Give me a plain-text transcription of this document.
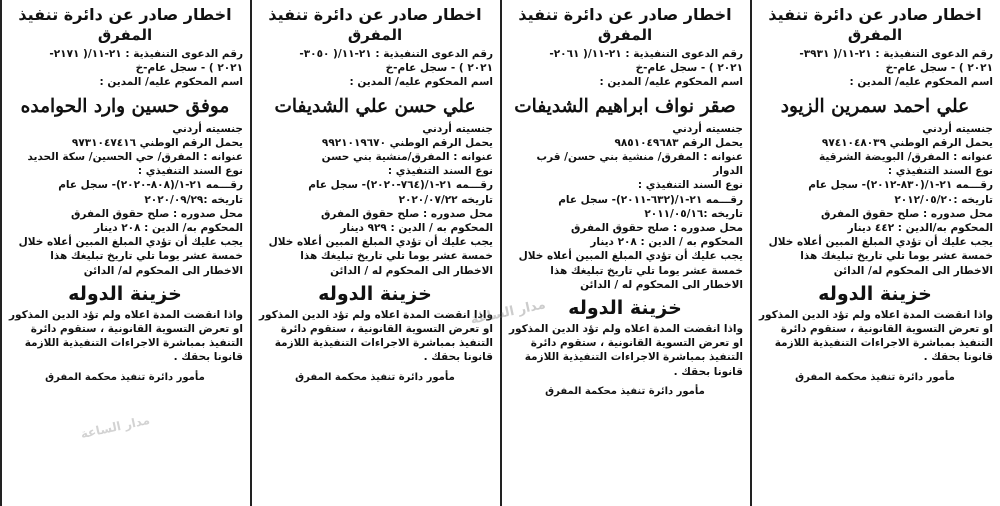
اخطار صادر عن دائرة تنفيذ
المفرق
رقم الدعوى التنفيذية : ٢١-١١/( ٣٩٣١-
٢٠٢١ ) - سجل عام-خ
اسم المحكوم عليه/ المدين :
علي احمد سمرين الزيود
جنسيته أردني
يحمل الرقم الوطني ٩٧٤١٠٤٨٠٣٩
عنوانه : المفرق/ البويضة الشرقية
نوع السند التنفيذي :
رقـــمه ٢١-١/(٨٣٠-٢٠١٢)- سجل عام
تاريخه :٢٠١٢/٠٥/٢٠
محل صدوره : صلح حقوق المفرق
المحكوم به/الدين : ٤٤٢ دينار
يجب عليك أن تؤدي المبلغ المبين أعلاه خلال خمسة عشر يوما تلي تاريخ تبليغك هذا
الاخطار الى المحكوم له/ الدائن
خزينة الدوله
واذا انقضت المدة اعلاه ولم تؤد الدين المذكور او تعرض التسوية القانونية ، ستقوم دائرة التنفيذ بمباشرة الاجراءات التنفيذية اللازمة قانونا بحقك .
مأمور دائرة تنفيذ محكمة المفرق
اخطار صادر عن دائرة تنفيذ
المفرق
رقم الدعوى التنفيذية : ٢١-١١/( ٢٠٦١-
٢٠٢١ ) - سجل عام-خ
اسم المحكوم عليه/ المدين :
صقر نواف ابراهيم الشديفات
جنسيته أردني
يحمل الرقم ٩٨٥١٠٤٩٦٨٣
عنوانه : المفرق/ منشية بني حسن/ قرب الدوار
نوع السند التنفيذي :
رقـــمه ٢١-١/(٦٣٢-٢٠١١)- سجل عام
تاريخه :٢٠١١/٠٥/١٦
محل صدوره : صلح حقوق المفرق
المحكوم به / الدين : ٢٠٨ دينار
يجب عليك أن تؤدي المبلغ المبين أعلاه خلال خمسة عشر يوما تلي تاريخ تبليغك هذا
الاخطار الى المحكوم له / الدائن
خزينة الدوله
واذا انقضت المدة اعلاه ولم تؤد الدين المذكور او تعرض التسوية القانونية ، ستقوم دائرة التنفيذ بمباشرة الاجراءات التنفيذية اللازمة قانونا بحقك .
مأمور دائرة تنفيذ محكمة المفرق
اخطار صادر عن دائرة تنفيذ
المفرق
رقم الدعوى التنفيذية : ٢١-١١/( ٣٠٥٠-
٢٠٢١ ) - سجل عام-خ
اسم المحكوم عليه/ المدين :
علي حسن علي الشديفات
جنسيته أردني
يحمل الرقم الوطني ٩٩٢١٠١٩٦٧٠
عنوانه : المفرق/منشية بني حسن
نوع السند التنفيذي :
رقـــمه ٢١-١/(٧٦٤-٢٠٢٠)- سجل عام
تاريخه ٢٠٢٠/٠٧/٢٢
محل صدوره : صلح حقوق المفرق
المحكوم به / الدين : ٩٢٩ دينار
يجب عليك أن تؤدي المبلغ المبين أعلاه خلال خمسة عشر يوما تلي تاريخ تبليغك هذا
الاخطار الى المحكوم له / الدائن
خزينة الدوله
واذا انقضت المدة اعلاه ولم تؤد الدين المذكور او تعرض التسوية القانونية ، ستقوم دائرة التنفيذ بمباشرة الاجراءات التنفيذية اللازمة قانونا بحقك .
مأمور دائرة تنفيذ محكمة المفرق
اخطار صادر عن دائرة تنفيذ
المفرق
رقم الدعوى التنفيذية : ٢١-١١/( ٢١٧١-
٢٠٢١ ) - سجل عام-خ
اسم المحكوم عليه/ المدين :
موفق حسين وارد الحوامده
جنسيته أردني
يحمل الرقم الوطني ٩٧٣١٠٤٧٤١٦
عنوانه : المفرق/ حي الحسين/ سكة الحديد
نوع السند التنفيذي :
رقـــمه ٢١-١/(٨٠٨-٢٠٢٠)- سجل عام
تاريخه :٢٠٢٠/٠٩/٢٩
محل صدوره : صلح حقوق المفرق
المحكوم به/ الدين : ٢٠٨ دينار
يجب عليك أن تؤدي المبلغ المبين أعلاه خلال خمسة عشر يوما تلي تاريخ تبليغك هذا
الاخطار الى المحكوم له/ الدائن
خزينة الدوله
واذا انقضت المدة اعلاه ولم تؤد الدين المذكور او تعرض التسوية القانونية ، ستقوم دائرة التنفيذ بمباشرة الاجراءات التنفيذية اللازمة قانونا بحقك .
مأمور دائرة تنفيذ محكمة المفرق
مدار الساعة
مدار الساعة
